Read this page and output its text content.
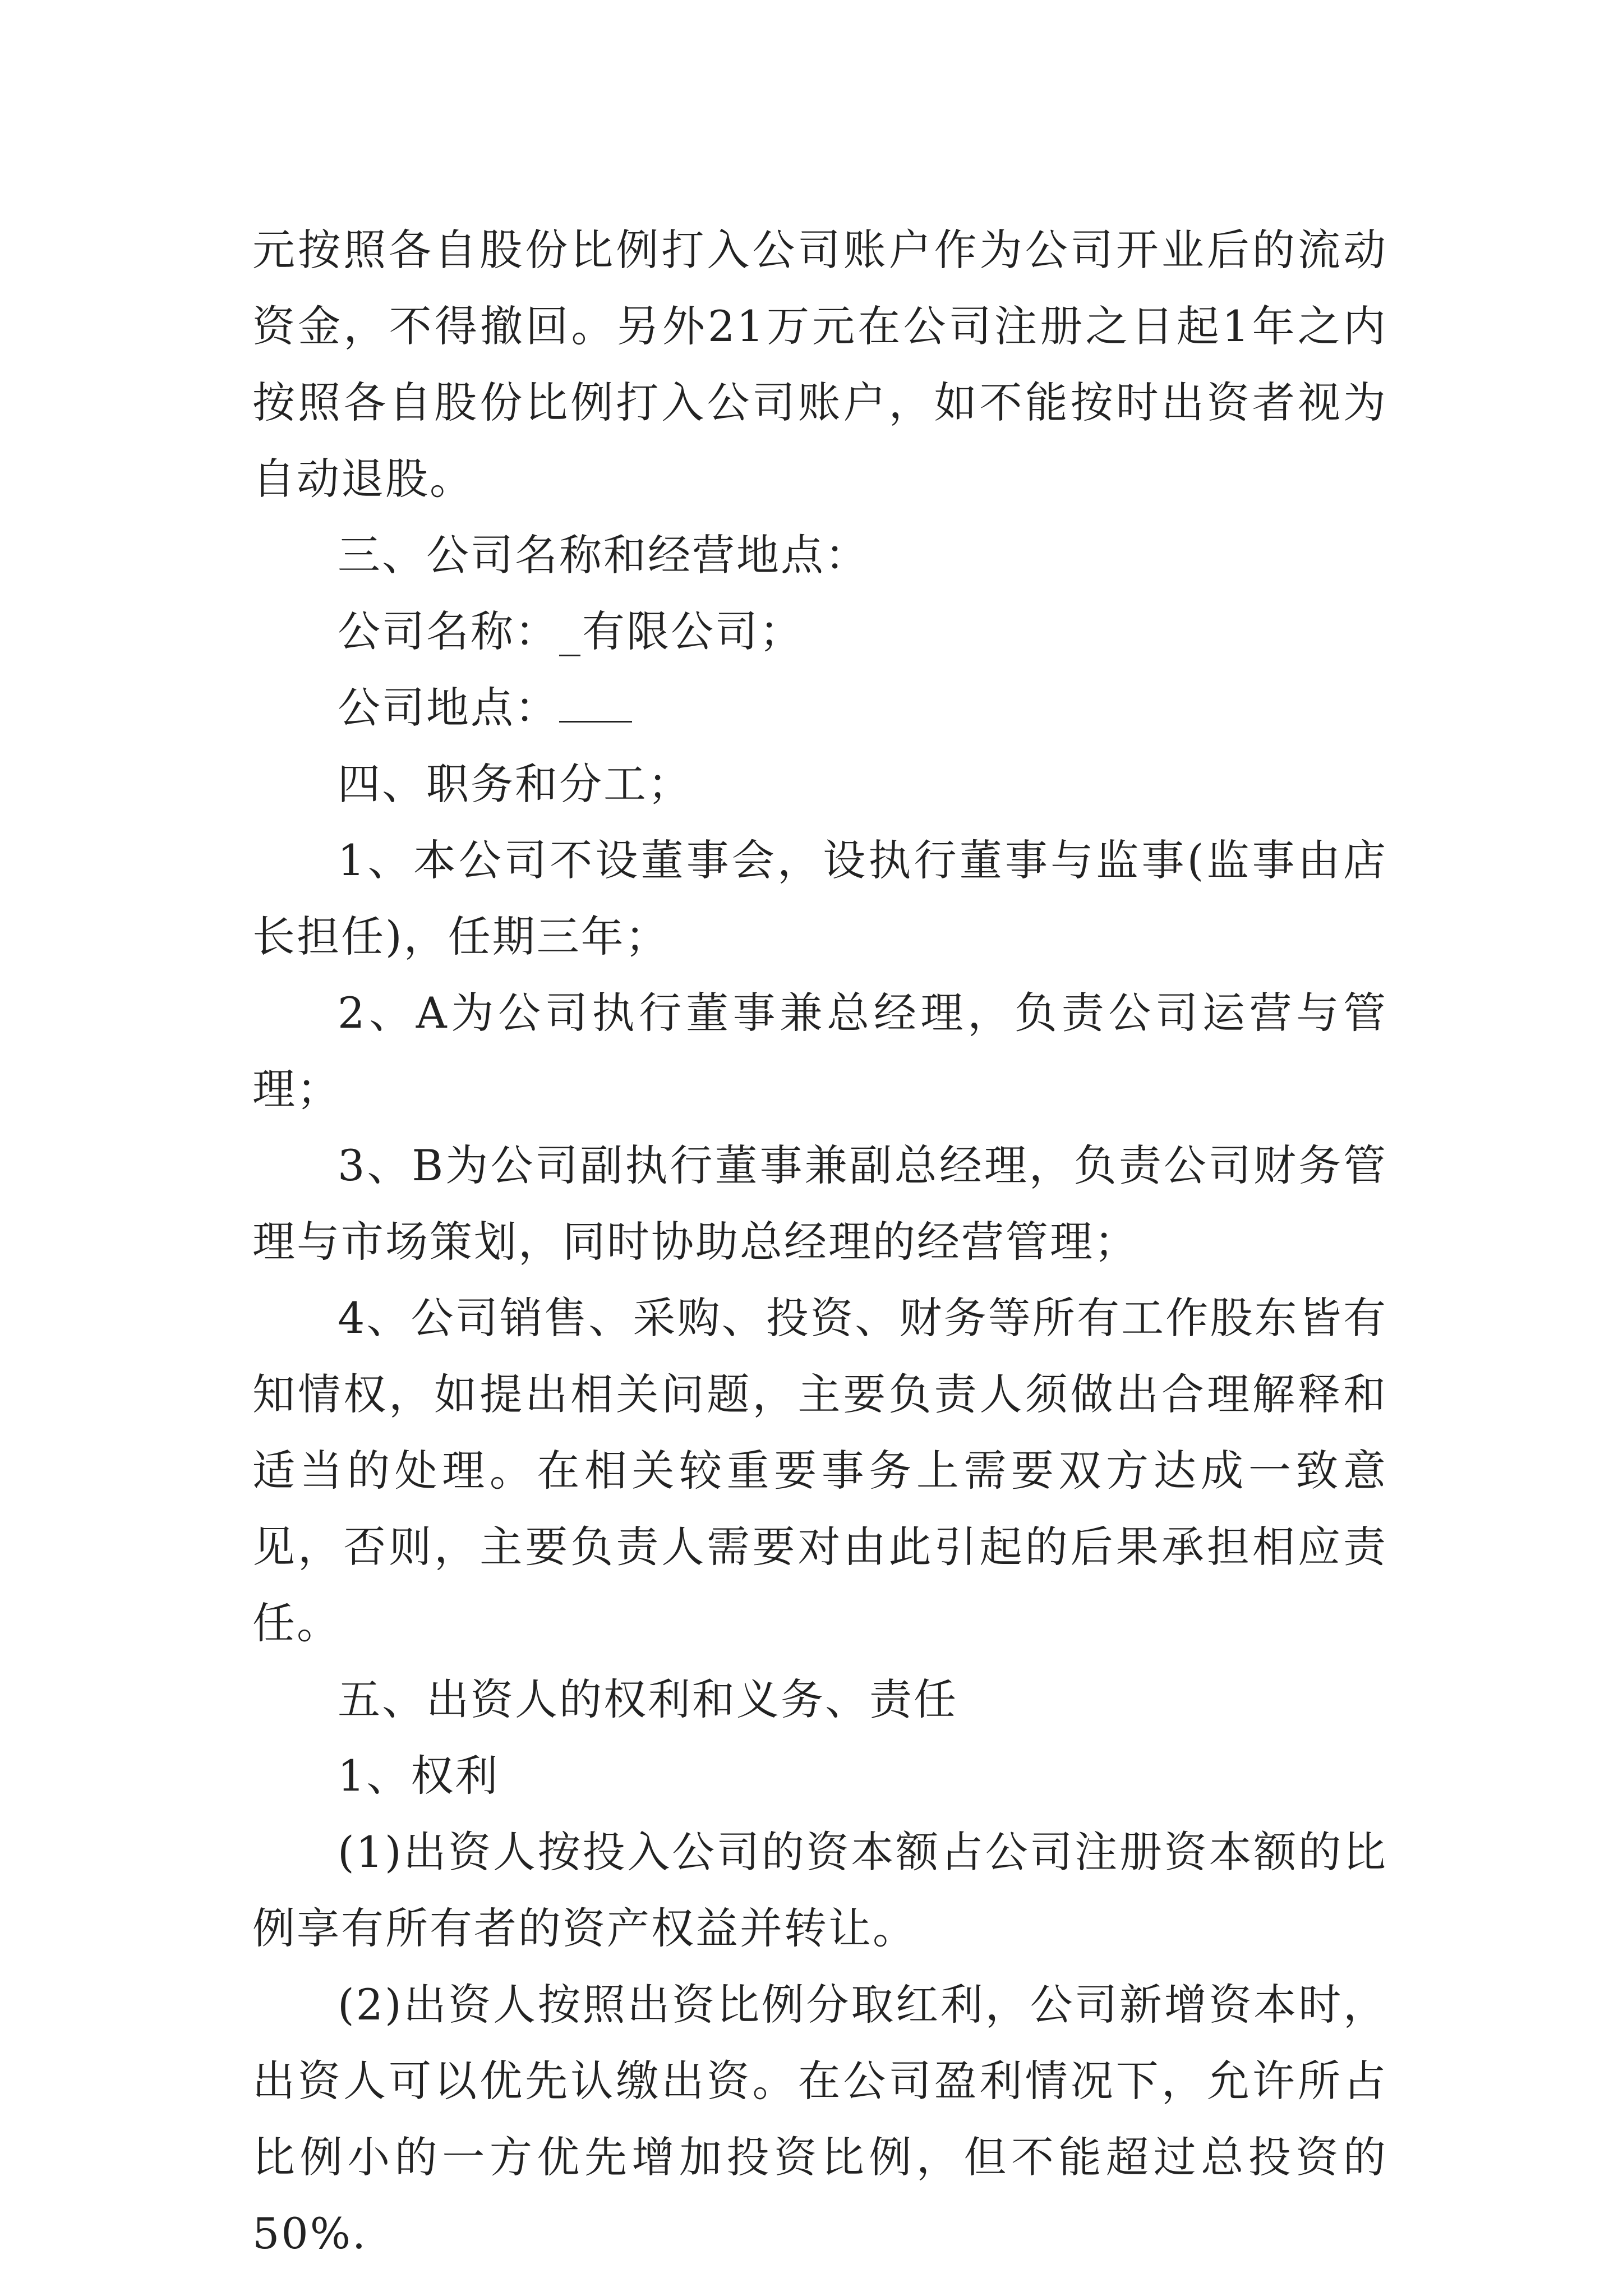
元按照各自股份比例打入公司账户作为公司开业后的流动资金，不得撤回。另外21万元在公司注册之日起1年之内按照各自股份比例打入公司账户，如不能按时出资者视为自动退股。

三、公司名称和经营地点：

公司名称：_有限公司；

公司地点：

四、职务和分工；

1、本公司不设董事会，设执行董事与监事(监事由店长担任)，任期三年；

2、A为公司执行董事兼总经理，负责公司运营与管理；

3、B为公司副执行董事兼副总经理，负责公司财务管理与市场策划，同时协助总经理的经营管理；

4、公司销售、采购、投资、财务等所有工作股东皆有知情权，如提出相关问题，主要负责人须做出合理解释和适当的处理。在相关较重要事务上需要双方达成一致意见，否则，主要负责人需要对由此引起的后果承担相应责任。

五、出资人的权利和义务、责任

1、权利

(1)出资人按投入公司的资本额占公司注册资本额的比例享有所有者的资产权益并转让。

(2)出资人按照出资比例分取红利，公司新增资本时，出资人可以优先认缴出资。在公司盈利情况下，允许所占比例小的一方优先增加投资比例，但不能超过总投资的50%.
